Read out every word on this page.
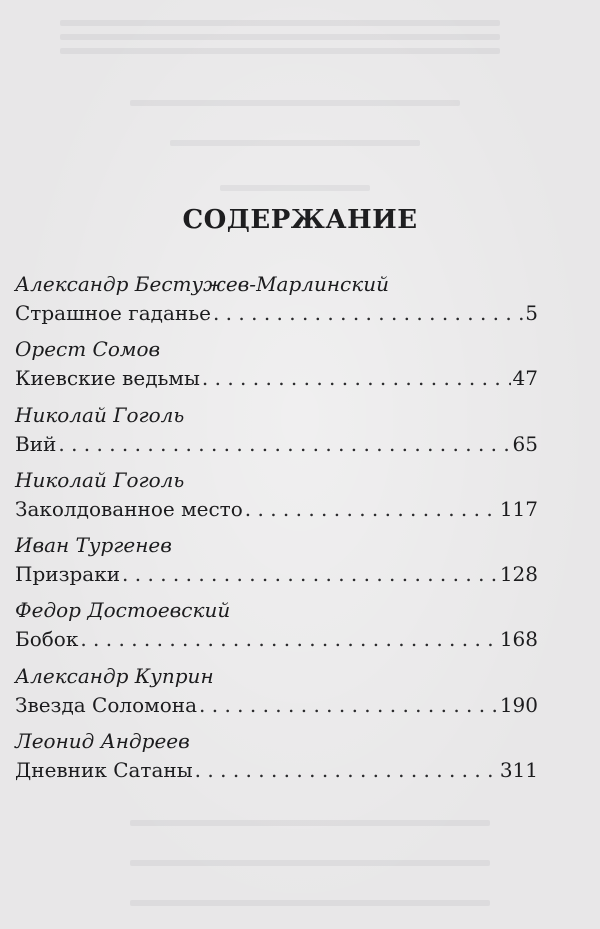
СОДЕРЖАНИЕ
Александр Бестужев-Марлинский
Страшное гаданье . . .	5
Орест Сомов
Киевские ведьмы . . .	47
Николай Гоголь
Вий . . .	65
Николай Гоголь
Заколдованное место . . .	117
Иван Тургенев
Призраки . . .	128
Федор Достоевский
Бобок . . .	168
Александр Куприн
Звезда Соломона . . .	190
Леонид Андреев
Дневник Сатаны . . .	311
